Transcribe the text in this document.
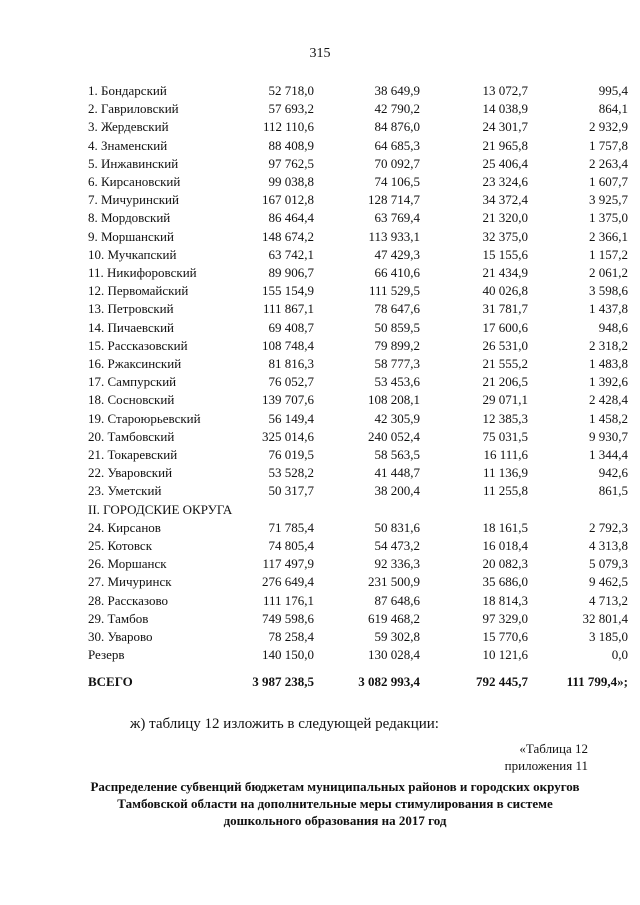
315
1. Бондарский	52 718,0	38 649,9	13 072,7	995,4
2. Гавриловский	57 693,2	42 790,2	14 038,9	864,1
3. Жердевский	112 110,6	84 876,0	24 301,7	2 932,9
4. Знаменский	88 408,9	64 685,3	21 965,8	1 757,8
5. Инжавинский	97 762,5	70 092,7	25 406,4	2 263,4
6. Кирсановский	99 038,8	74 106,5	23 324,6	1 607,7
7. Мичуринский	167 012,8	128 714,7	34 372,4	3 925,7
8. Мордовский	86 464,4	63 769,4	21 320,0	1 375,0
9. Моршанский	148 674,2	113 933,1	32 375,0	2 366,1
10. Мучкапский	63 742,1	47 429,3	15 155,6	1 157,2
11. Никифоровский	89 906,7	66 410,6	21 434,9	2 061,2
12. Первомайский	155 154,9	111 529,5	40 026,8	3 598,6
13. Петровский	111 867,1	78 647,6	31 781,7	1 437,8
14. Пичаевский	69 408,7	50 859,5	17 600,6	948,6
15. Рассказовский	108 748,4	79 899,2	26 531,0	2 318,2
16. Ржаксинский	81 816,3	58 777,3	21 555,2	1 483,8
17. Сампурский	76 052,7	53 453,6	21 206,5	1 392,6
18. Сосновский	139 707,6	108 208,1	29 071,1	2 428,4
19. Староюрьевский	56 149,4	42 305,9	12 385,3	1 458,2
20. Тамбовский	325 014,6	240 052,4	75 031,5	9 930,7
21. Токаревский	76 019,5	58 563,5	16 111,6	1 344,4
22. Уваровский	53 528,2	41 448,7	11 136,9	942,6
23. Уметский	50 317,7	38 200,4	11 255,8	861,5
II. ГОРОДСКИЕ ОКРУГА				
24. Кирсанов	71 785,4	50 831,6	18 161,5	2 792,3
25. Котовск	74 805,4	54 473,2	16 018,4	4 313,8
26. Моршанск	117 497,9	92 336,3	20 082,3	5 079,3
27. Мичуринск	276 649,4	231 500,9	35 686,0	9 462,5
28. Рассказово	111 176,1	87 648,6	18 814,3	4 713,2
29. Тамбов	749 598,6	619 468,2	97 329,0	32 801,4
30. Уварово	78 258,4	59 302,8	15 770,6	3 185,0
Резерв	140 150,0	130 028,4	10 121,6	0,0

ВСЕГО	3 987 238,5	3 082 993,4	792 445,7	111 799,4»;
ж) таблицу 12 изложить в следующей редакции:
«Таблица 12
приложения 11
Распределение субвенций бюджетам муниципальных районов и городских округов
Тамбовской области на дополнительные меры стимулирования в системе
дошкольного образования на 2017 год
